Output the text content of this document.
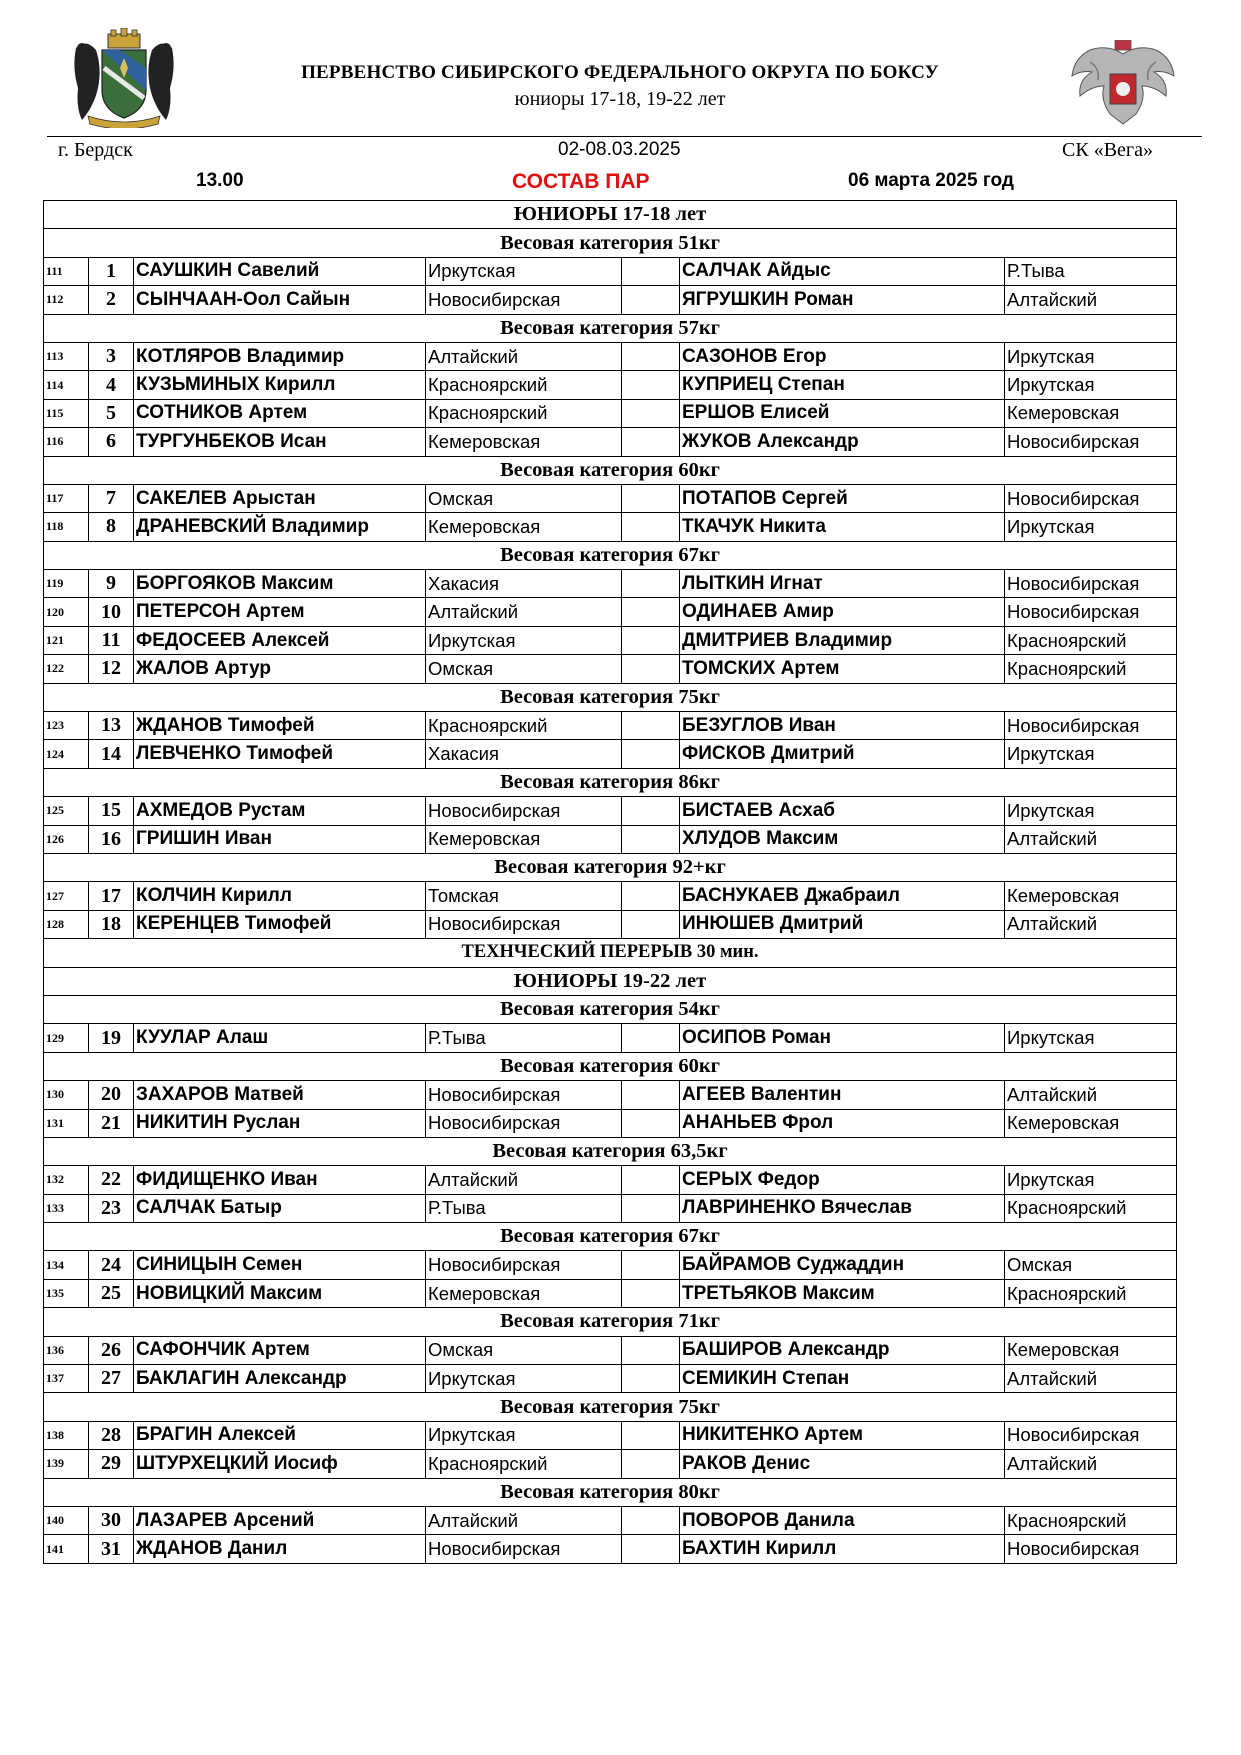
ПЕРВЕНСТВО СИБИРСКОГО ФЕДЕРАЛЬНОГО ОКРУГА ПО БОКСУ
юниоры 17-18, 19-22 лет
г. Бердск	02-08.03.2025	СК «Вега»
13.00	СОСТАВ ПАР	06 марта 2025 год
ЮНИОРЫ 17-18 лет						
Весовая категория 51кг						
111	1	САУШКИН Савелий	Иркутская		САЛЧАК Айдыс	Р.Тыва
112	2	СЫНЧААН-Оол Сайын	Новосибирская		ЯГРУШКИН Роман	Алтайский
Весовая категория 57кг						
113	3	КОТЛЯРОВ Владимир	Алтайский		САЗОНОВ Егор	Иркутская
114	4	КУЗЬМИНЫХ Кирилл	Красноярский		КУПРИЕЦ Степан	Иркутская
115	5	СОТНИКОВ Артем	Красноярский		ЕРШОВ Елисей	Кемеровская
116	6	ТУРГУНБЕКОВ Исан	Кемеровская		ЖУКОВ Александр	Новосибирская
Весовая категория 60кг						
117	7	САКЕЛЕВ Арыстан	Омская		ПОТАПОВ Сергей	Новосибирская
118	8	ДРАНЕВСКИЙ Владимир	Кемеровская		ТКАЧУК Никита	Иркутская
Весовая категория 67кг						
119	9	БОРГОЯКОВ Максим	Хакасия		ЛЫТКИН Игнат	Новосибирская
120	10	ПЕТЕРСОН Артем	Алтайский		ОДИНАЕВ Амир	Новосибирская
121	11	ФЕДОСЕЕВ Алексей	Иркутская		ДМИТРИЕВ Владимир	Красноярский
122	12	ЖАЛОВ Артур	Омская		ТОМСКИХ Артем	Красноярский
Весовая категория 75кг						
123	13	ЖДАНОВ Тимофей	Красноярский		БЕЗУГЛОВ Иван	Новосибирская
124	14	ЛЕВЧЕНКО Тимофей	Хакасия		ФИСКОВ Дмитрий	Иркутская
Весовая категория 86кг						
125	15	АХМЕДОВ Рустам	Новосибирская		БИСТАЕВ Асхаб	Иркутская
126	16	ГРИШИН Иван	Кемеровская		ХЛУДОВ Максим	Алтайский
Весовая категория 92+кг						
127	17	КОЛЧИН Кирилл	Томская		БАСНУКАЕВ Джабраил	Кемеровская
128	18	КЕРЕНЦЕВ Тимофей	Новосибирская		ИНЮШЕВ Дмитрий	Алтайский
ТЕХНЧЕСКИЙ ПЕРЕРЫВ 30 мин.						
ЮНИОРЫ 19-22 лет						
Весовая категория 54кг						
129	19	КУУЛАР Алаш	Р.Тыва		ОСИПОВ Роман	Иркутская
Весовая категория 60кг						
130	20	ЗАХАРОВ Матвей	Новосибирская		АГЕЕВ Валентин	Алтайский
131	21	НИКИТИН Руслан	Новосибирская		АНАНЬЕВ Фрол	Кемеровская
Весовая категория 63,5кг						
132	22	ФИДИЩЕНКО Иван	Алтайский		СЕРЫХ Федор	Иркутская
133	23	САЛЧАК Батыр	Р.Тыва		ЛАВРИНЕНКО Вячеслав	Красноярский
Весовая категория 67кг						
134	24	СИНИЦЫН Семен	Новосибирская		БАЙРАМОВ Суджаддин	Омская
135	25	НОВИЦКИЙ Максим	Кемеровская		ТРЕТЬЯКОВ Максим	Красноярский
Весовая категория 71кг						
136	26	САФОНЧИК Артем	Омская		БАШИРОВ Александр	Кемеровская
137	27	БАКЛАГИН Александр	Иркутская		СЕМИКИН Степан	Алтайский
Весовая категория 75кг						
138	28	БРАГИН Алексей	Иркутская		НИКИТЕНКО Артем	Новосибирская
139	29	ШТУРХЕЦКИЙ Иосиф	Красноярский		РАКОВ Денис	Алтайский
Весовая категория 80кг						
140	30	ЛАЗАРЕВ Арсений	Алтайский		ПОВОРОВ Данила	Красноярский
141	31	ЖДАНОВ Данил	Новосибирская		БАХТИН Кирилл	Новосибирская
